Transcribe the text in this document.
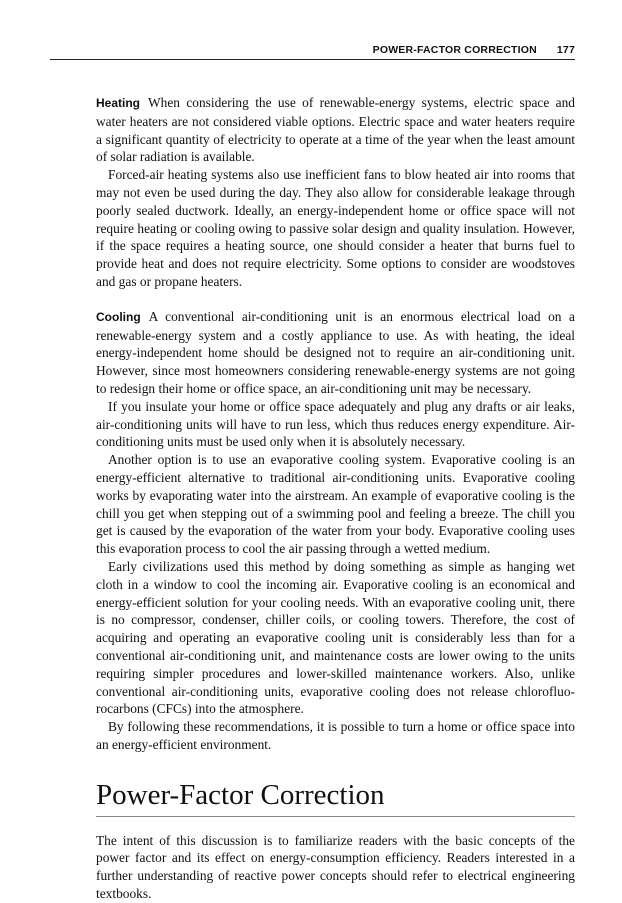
POWER-FACTOR CORRECTION 177

Heating When considering the use of renewable-energy systems, electric space and water heaters are not considered viable options. Electric space and water heaters require a significant quantity of electricity to operate at a time of the year when the least amount of solar radiation is available.

Forced-air heating systems also use inefficient fans to blow heated air into rooms that may not even be used during the day. They also allow for considerable leakage through poorly sealed ductwork. Ideally, an energy-independent home or office space will not require heating or cooling owing to passive solar design and quality insulation. However, if the space requires a heating source, one should consider a heater that burns fuel to provide heat and does not require electricity. Some options to consider are woodstoves and gas or propane heaters.

Cooling A conventional air-conditioning unit is an enormous electrical load on a renewable-energy system and a costly appliance to use. As with heating, the ideal energy-independent home should be designed not to require an air-conditioning unit. However, since most homeowners considering renewable-energy systems are not going to redesign their home or office space, an air-conditioning unit may be necessary.

If you insulate your home or office space adequately and plug any drafts or air leaks, air-conditioning units will have to run less, which thus reduces energy expenditure. Air-conditioning units must be used only when it is absolutely necessary.

Another option is to use an evaporative cooling system. Evaporative cooling is an energy-efficient alternative to traditional air-conditioning units. Evaporative cooling works by evaporating water into the airstream. An example of evaporative cooling is the chill you get when stepping out of a swimming pool and feeling a breeze. The chill you get is caused by the evaporation of the water from your body. Evaporative cooling uses this evaporation process to cool the air passing through a wetted medium.

Early civilizations used this method by doing something as simple as hanging wet cloth in a window to cool the incoming air. Evaporative cooling is an economical and energy-efficient solution for your cooling needs. With an evaporative cooling unit, there is no compressor, condenser, chiller coils, or cooling towers. Therefore, the cost of acquiring and operating an evaporative cooling unit is considerably less than for a conventional air-conditioning unit, and maintenance costs are lower owing to the units requiring simpler procedures and lower-skilled maintenance workers. Also, unlike conventional air-conditioning units, evaporative cooling does not release chlorofluorocarbons (CFCs) into the atmosphere.

By following these recommendations, it is possible to turn a home or office space into an energy-efficient environment.

Power-Factor Correction

The intent of this discussion is to familiarize readers with the basic concepts of the power factor and its effect on energy-consumption efficiency. Readers interested in a further understanding of reactive power concepts should refer to electrical engineering textbooks.
